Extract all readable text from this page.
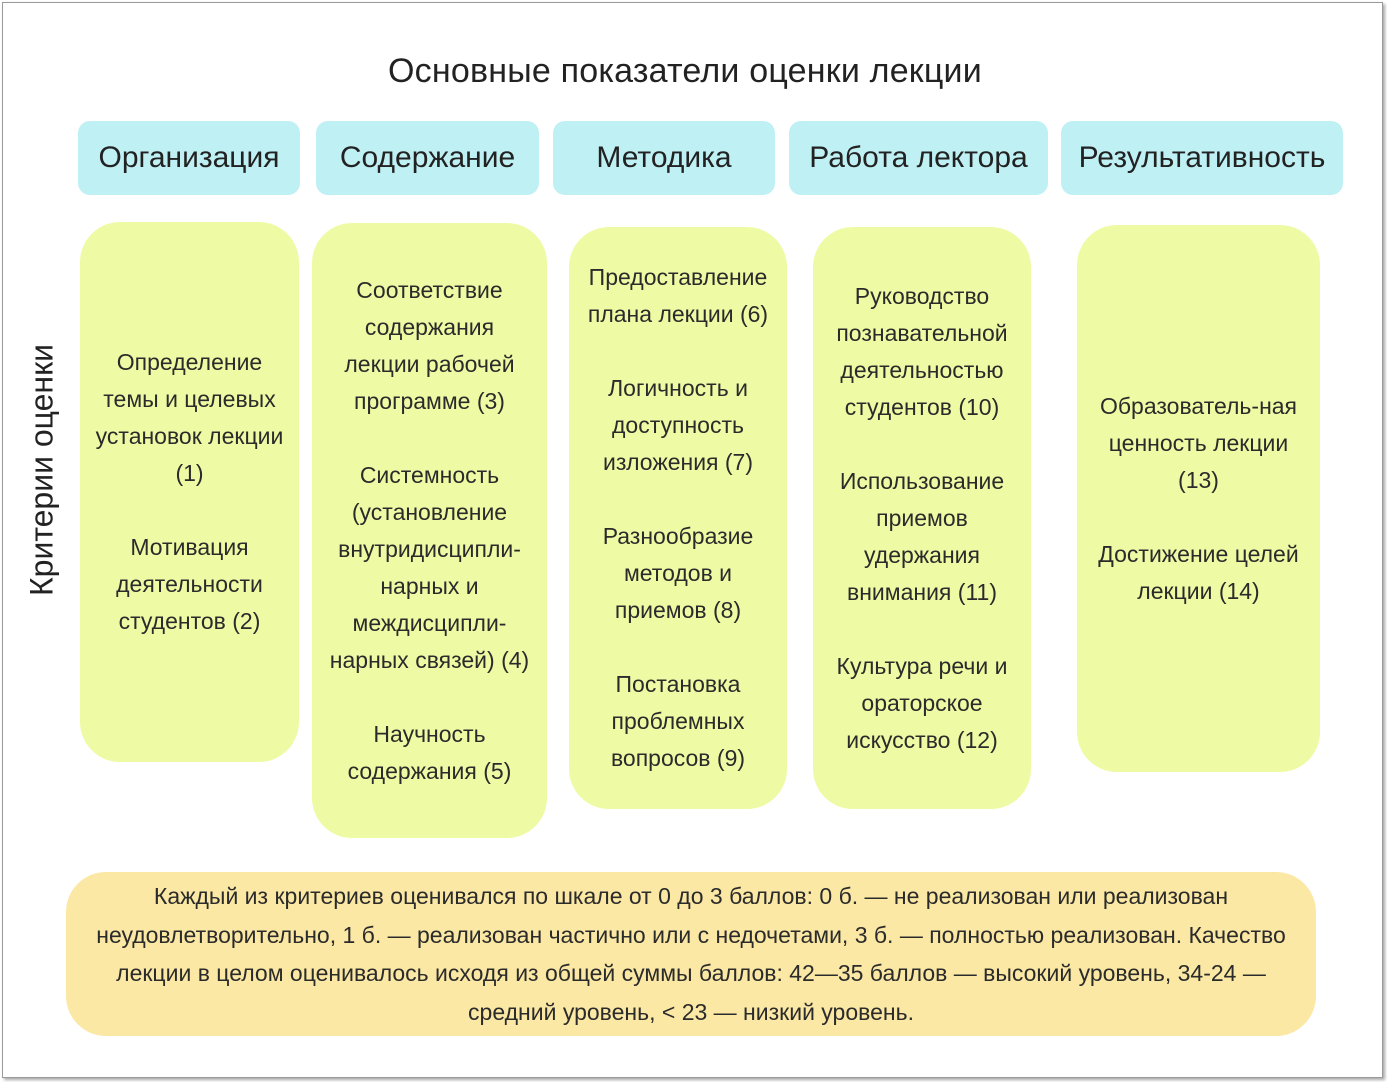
Основные показатели оценки лекции
Критерии оценки
Организация	Содержание	Методика	Работа лектора	Результативность
Определение темы и целевых установок лекции (1)
Мотивация деятельности студентов (2)
Соответствие содержания лекции рабочей программе (3)
Системность (установление внутридисципли-нарных и междисципли-нарных связей) (4)
Научность содержания (5)
Предоставление плана лекции (6)
Логичность и доступность изложения (7)
Разнообразие методов и приемов (8)
Постановка проблемных вопросов (9)
Руководство познавательной деятельностью студентов (10)
Использование приемов удержания внимания (11)
Культура речи и ораторское искусство (12)
Образователь-ная ценность лекции (13)
Достижение целей лекции (14)
Каждый из критериев оценивался по шкале от 0 до 3 баллов: 0 б. — не реализован или реализован неудовлетворительно, 1 б. — реализован частично или с недочетами, 3 б. — полностью реализован. Качество лекции в целом оценивалось исходя из общей суммы баллов: 42—35 баллов — высокий уровень, 34-24 — средний уровень, < 23 — низкий уровень.
